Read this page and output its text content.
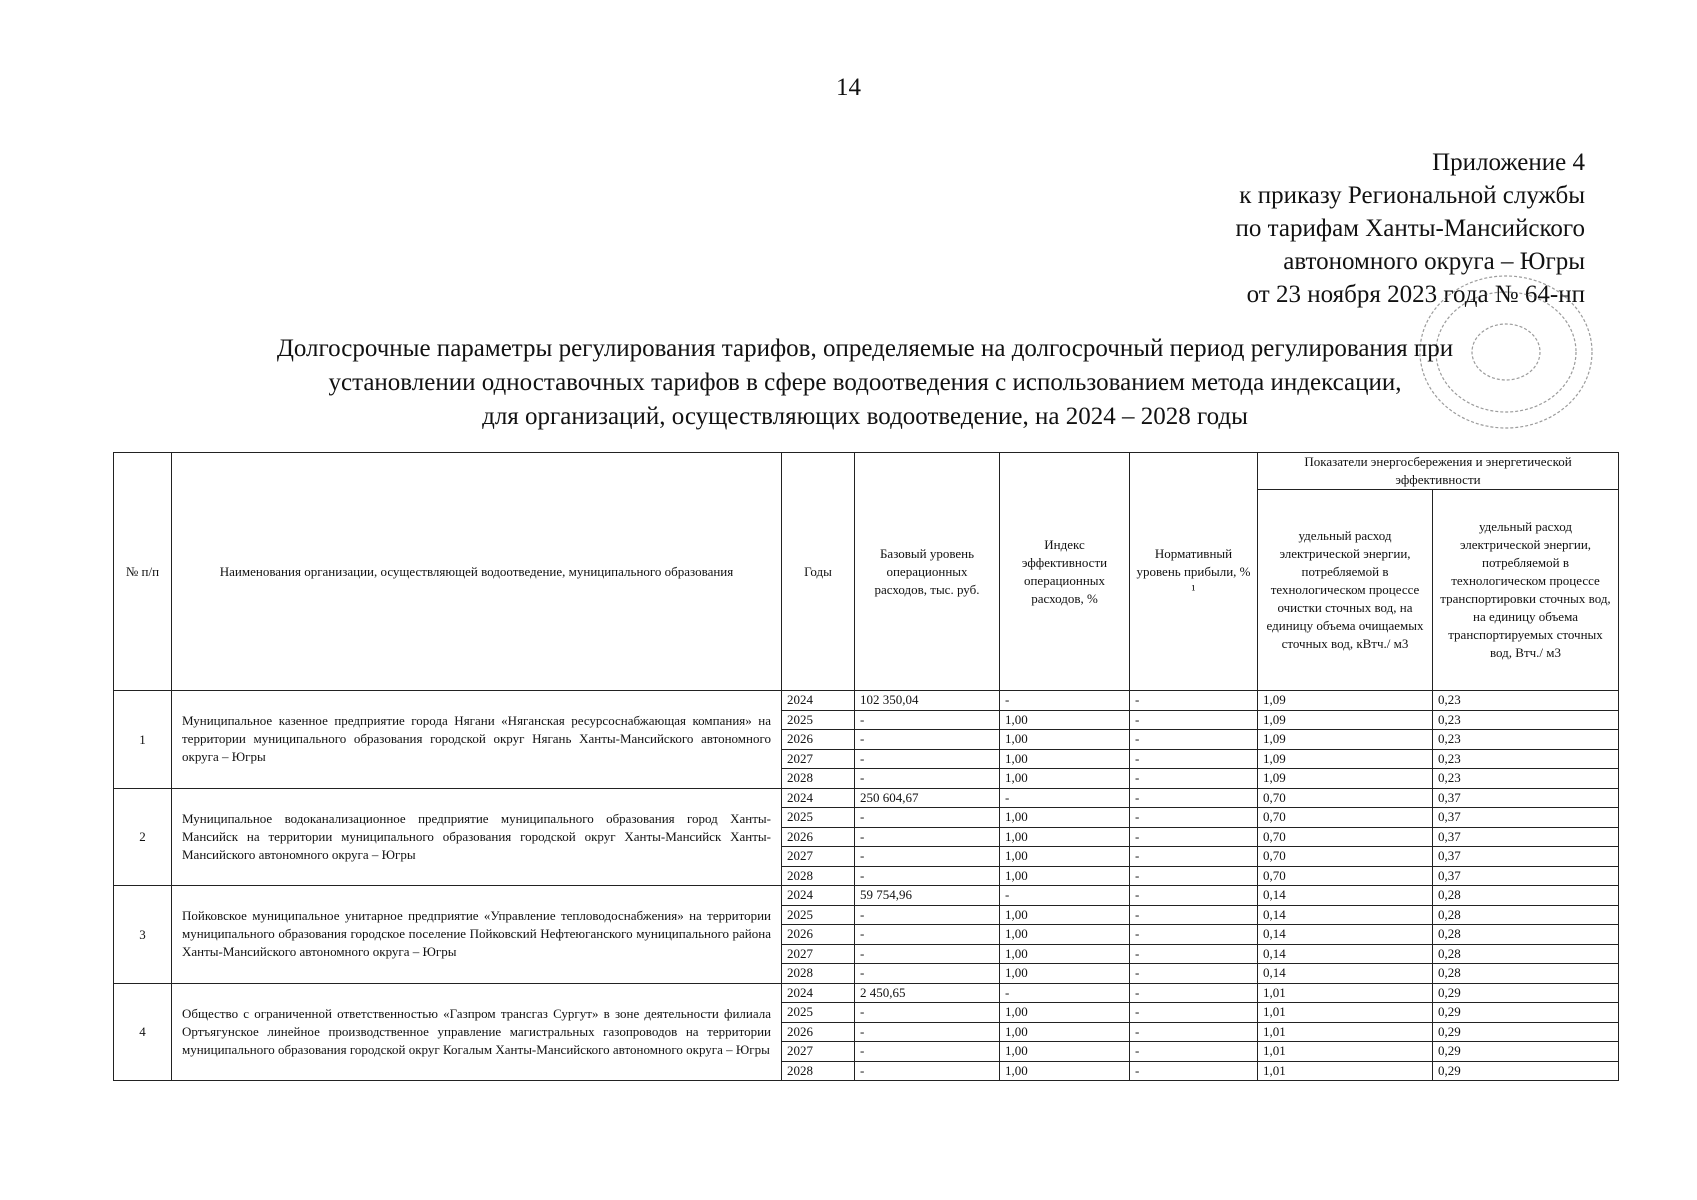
14
Приложение 4
к приказу Региональной службы
по тарифам Ханты-Мансийского
автономного округа – Югры
от 23 ноября 2023 года № 64-нп
Долгосрочные параметры регулирования тарифов, определяемые на долгосрочный период регулирования при
установлении одноставочных тарифов в сфере водоотведения с использованием метода индексации,
для организаций, осуществляющих водоотведение, на 2024 – 2028 годы
№ п/п	Наименования организации, осуществляющей водоотведение, муниципального образования	Годы	Базовый уровень операционных расходов, тыс. руб.	Индекс эффективности операционных расходов, %	Нормативный уровень прибыли, % ¹	Показатели энергосбережения и энергетической эффективности	
						удельный расход электрической энергии, потребляемой в технологическом процессе очистки сточных вод, на единицу объема очищаемых сточных вод, кВтч./ м3	удельный расход электрической энергии, потребляемой в технологическом процессе транспортировки сточных вод, на единицу объема транспортируемых сточных вод, Втч./ м3
1	Муниципальное казенное предприятие города Нягани «Няганская ресурсоснабжающая компания» на территории муниципального образования городской округ Нягань Ханты-Мансийского автономного округа – Югры	2024	102 350,04	-	-	1,09	0,23
		2025	-	1,00	-	1,09	0,23
		2026	-	1,00	-	1,09	0,23
		2027	-	1,00	-	1,09	0,23
		2028	-	1,00	-	1,09	0,23
2	Муниципальное водоканализационное предприятие муниципального образования город Ханты-Мансийск на территории муниципального образования городской округ Ханты-Мансийск Ханты-Мансийского автономного округа – Югры	2024	250 604,67	-	-	0,70	0,37
		2025	-	1,00	-	0,70	0,37
		2026	-	1,00	-	0,70	0,37
		2027	-	1,00	-	0,70	0,37
		2028	-	1,00	-	0,70	0,37
3	Пойковское муниципальное унитарное предприятие «Управление тепловодоснабжения» на территории муниципального образования городское поселение Пойковский Нефтеюганского муниципального района Ханты-Мансийского автономного округа – Югры	2024	59 754,96	-	-	0,14	0,28
		2025	-	1,00	-	0,14	0,28
		2026	-	1,00	-	0,14	0,28
		2027	-	1,00	-	0,14	0,28
		2028	-	1,00	-	0,14	0,28
4	Общество с ограниченной ответственностью «Газпром трансгаз Сургут» в зоне деятельности филиала Ортъягунское линейное производственное управление магистральных газопроводов на территории муниципального образования городской округ Когалым Ханты-Мансийского автономного округа – Югры	2024	2 450,65	-	-	1,01	0,29
		2025	-	1,00	-	1,01	0,29
		2026	-	1,00	-	1,01	0,29
		2027	-	1,00	-	1,01	0,29
		2028	-	1,00	-	1,01	0,29
